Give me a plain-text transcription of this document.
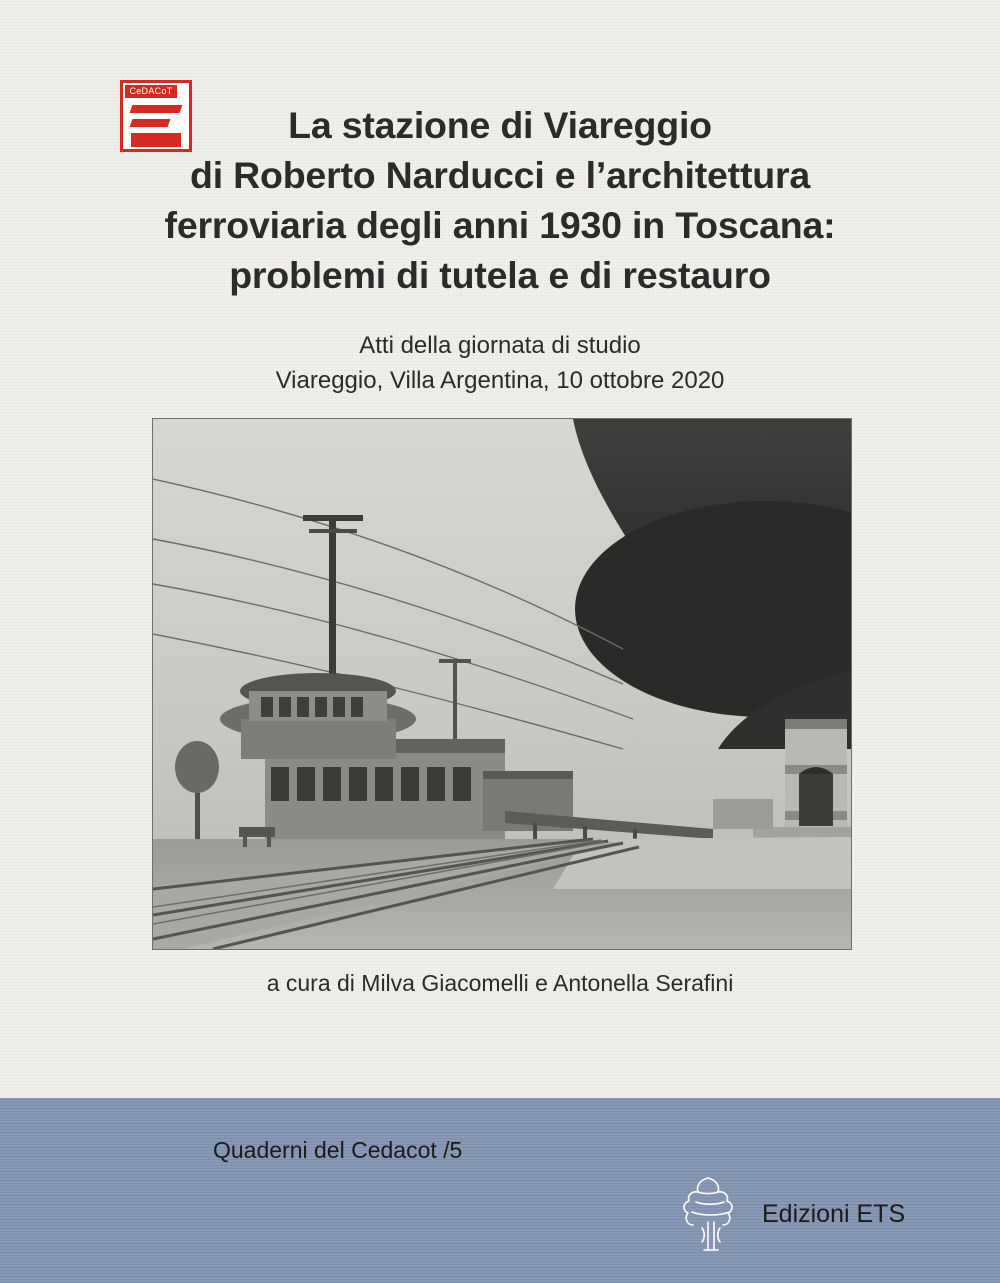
La stazione di Viareggio
di Roberto Narducci e l’architettura
ferroviaria degli anni 1930 in Toscana:
problemi di tutela e di restauro
Atti della giornata di studio
Viareggio, Villa Argentina, 10 ottobre 2020
a cura di Milva Giacomelli e Antonella Serafini
CeDACoT
Quaderni del Cedacot /5
Edizioni ETS
